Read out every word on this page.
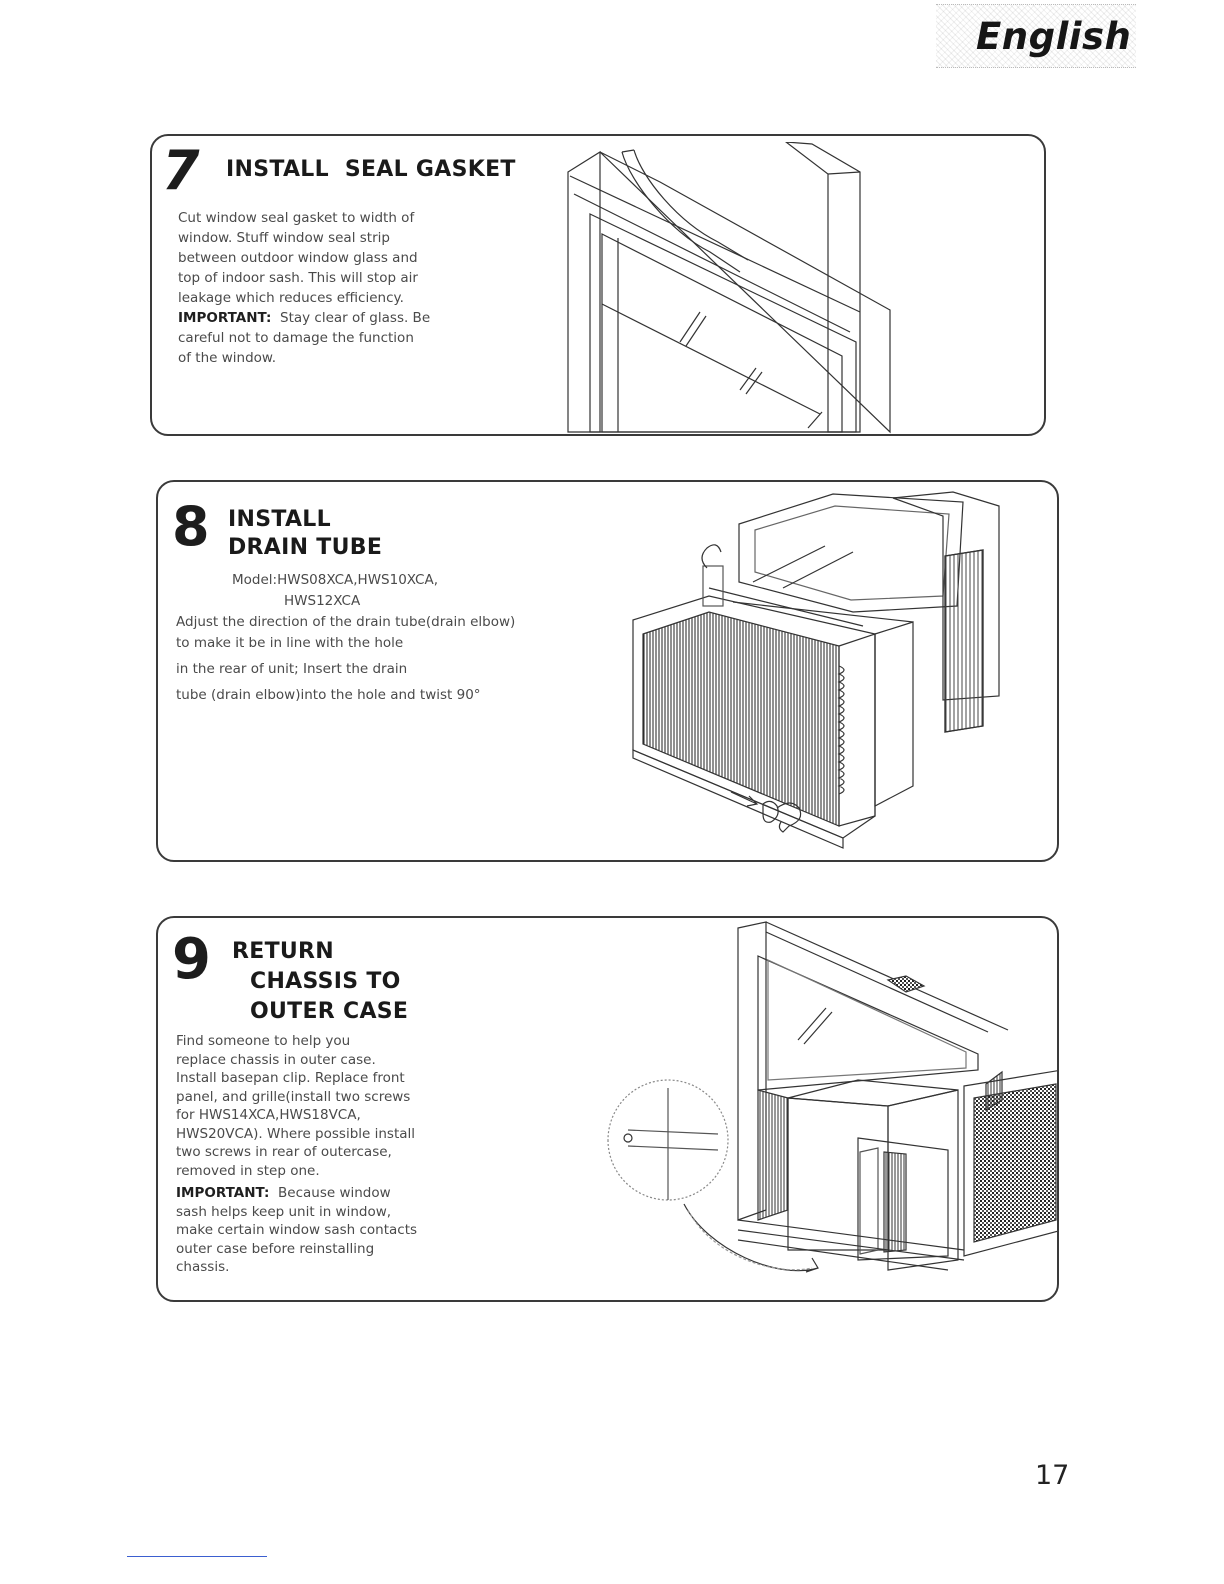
English
7 INSTALL  SEAL GASKET

Cut window seal gasket to width of

window. Stuff window seal strip

between outdoor window glass and

top of indoor sash. This will stop air

leakage which reduces efficiency.

IMPORTANT: Stay clear of glass. Be

careful not to damage the function

of the window.

8 INSTALL
DRAIN TUBE

Model:HWS08XCA,HWS10XCA,

HWS12XCA

Adjust the direction of the drain tube(drain elbow)

to make it be in line with the hole

in the rear of unit; Insert the drain

tube (drain elbow)into the hole and twist 90°

9 RETURN
CHASSIS TO
OUTER CASE

Find someone to help you

replace chassis in outer case.

Install basepan clip. Replace front

panel, and grille(install two screws

for HWS14XCA,HWS18VCA,

HWS20VCA). Where possible install

two screws in rear of outercase,

removed in step one.

IMPORTANT: Because window

sash helps keep unit in window,

make certain window sash contacts

outer case before reinstalling

chassis.

17
